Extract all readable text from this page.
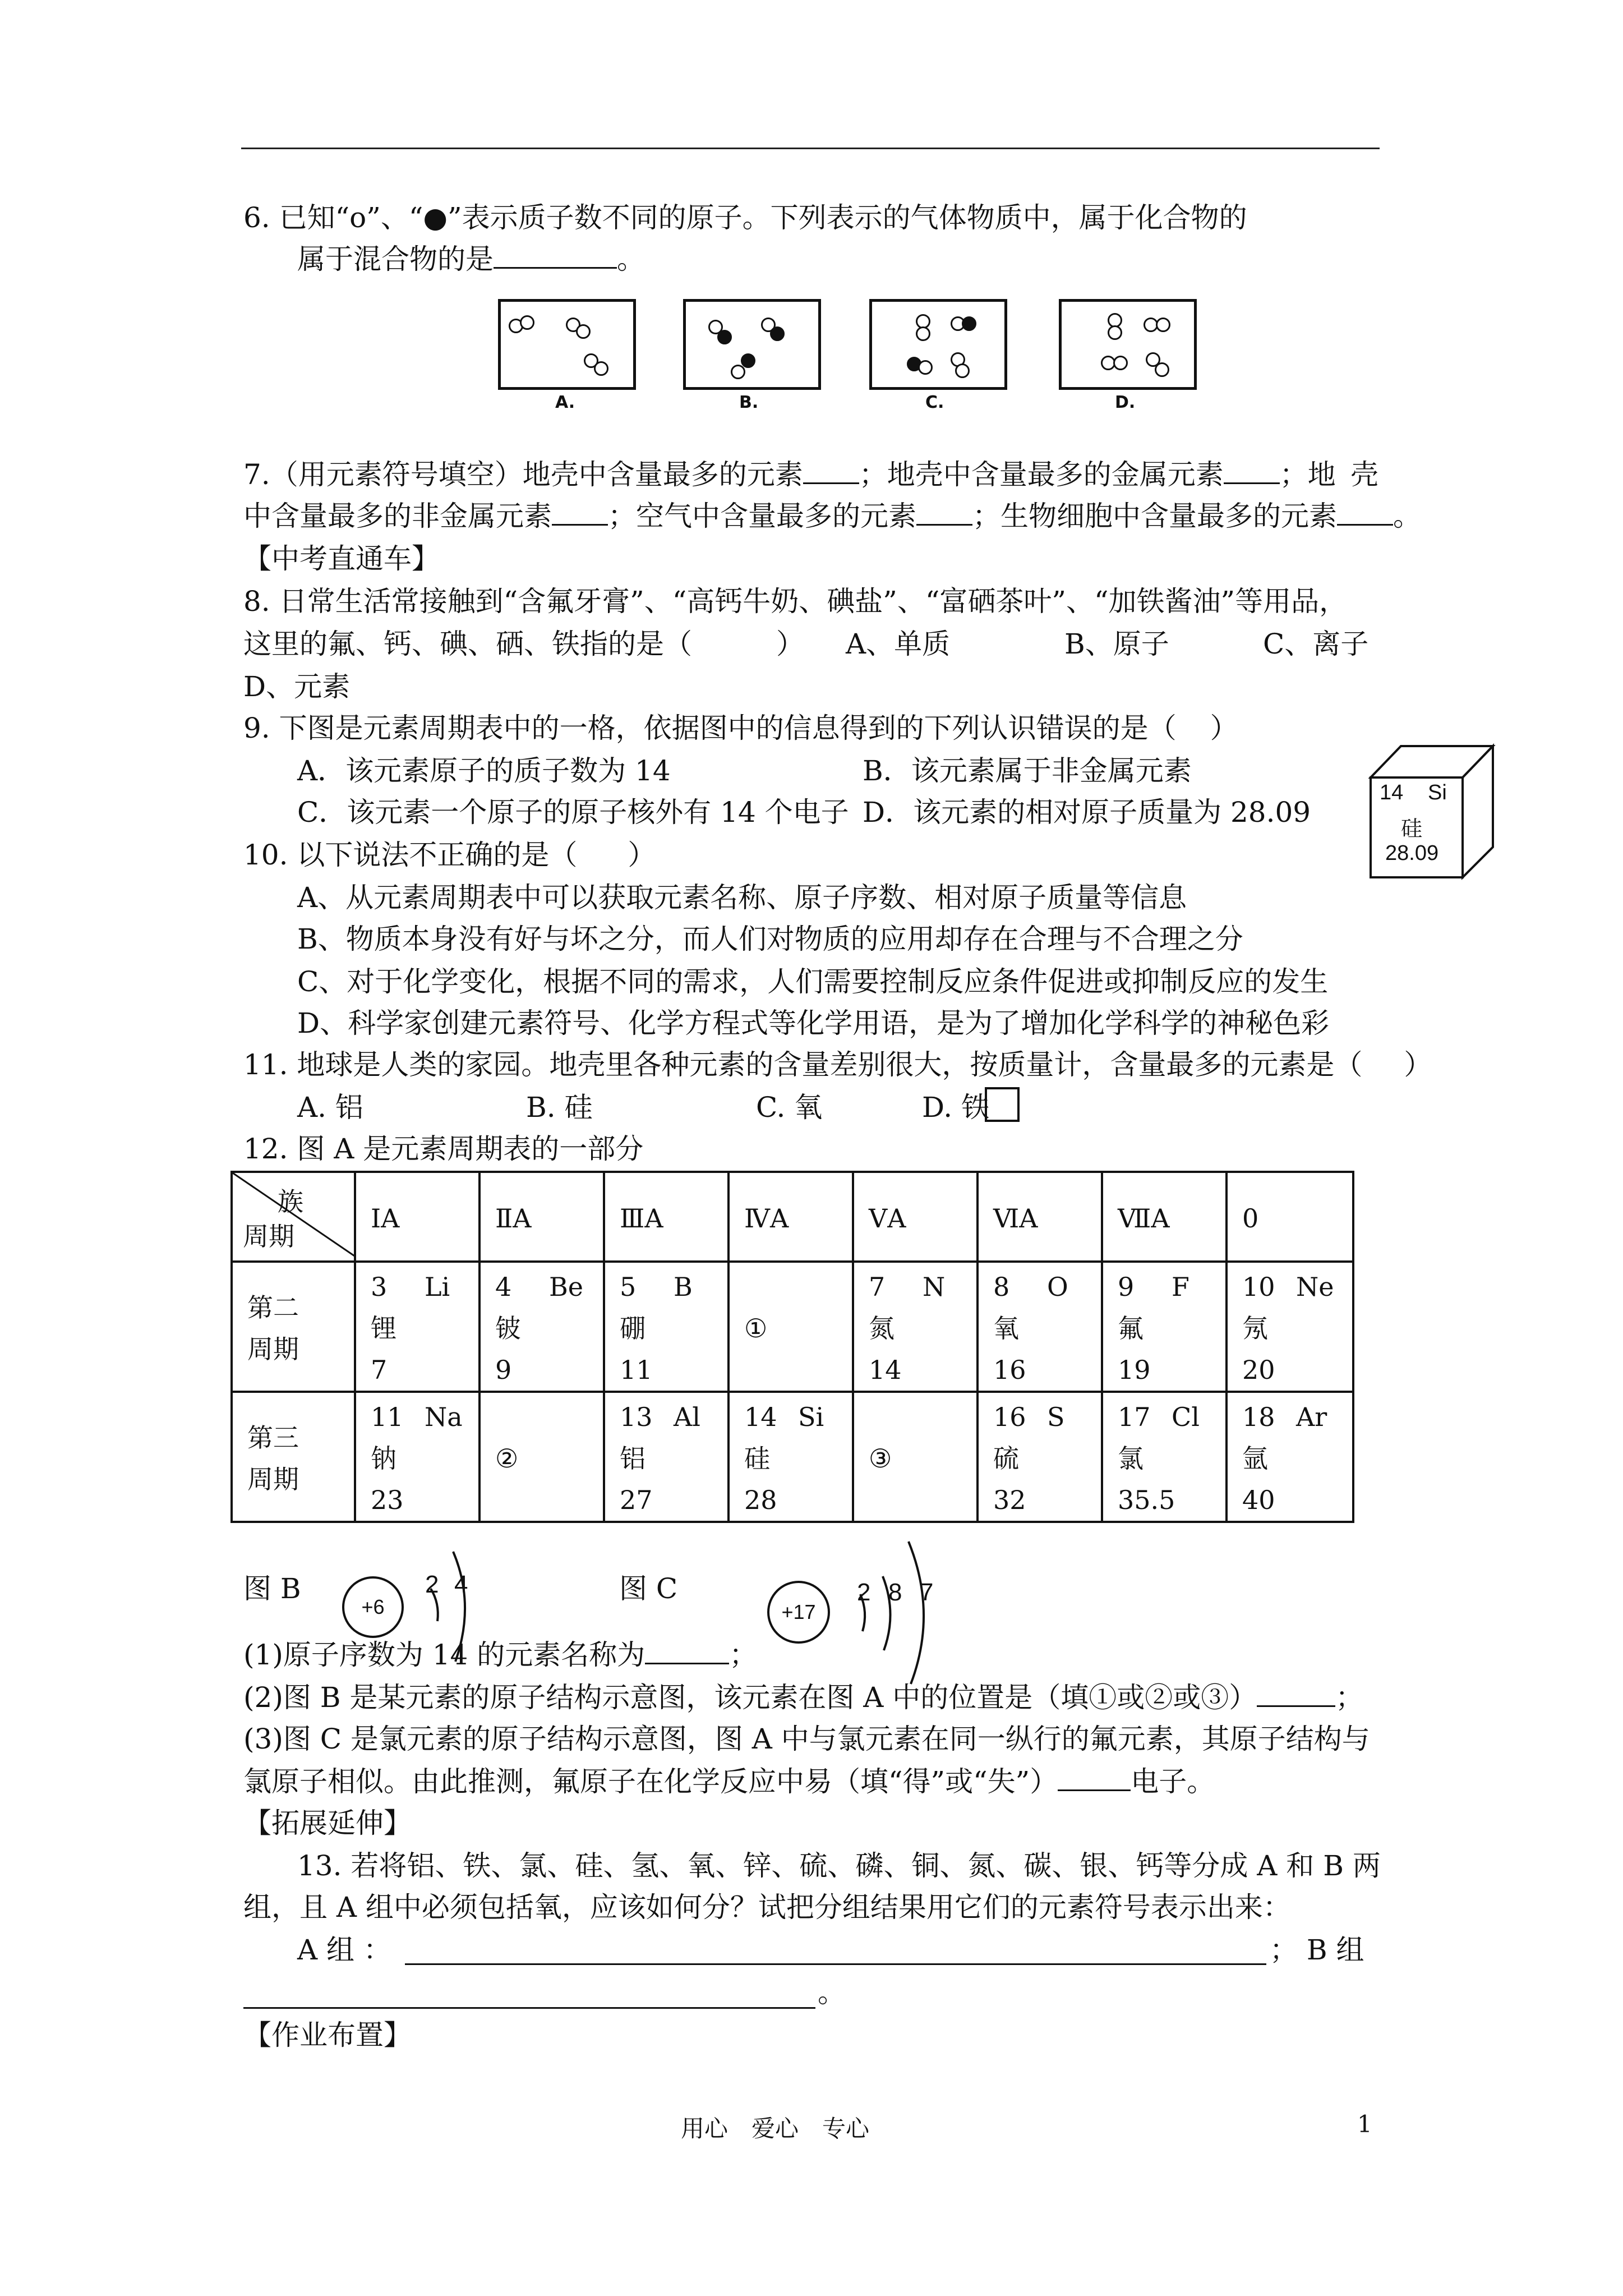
6. 已知“o”、“●”表示质子数不同的原子。下列表示的气体物质中，属于化合物的
属于混合物的是	。
A.	B.	C.	D.
7.（用元素符号填空）地壳中含量最多的元素 ；地壳中含量最多的金属元素 ；地 壳
中含量最多的非金属元素 ；空气中含量最多的元素 ；生物细胞中含量最多的元素 。
【中考直通车】
8. 日常生活常接触到“含氟牙膏”、“高钙牛奶、碘盐”、“富硒茶叶”、“加铁酱油”等用品，
这里的氟、钙、碘、硒、铁指的是（	） A、单质	B、原子	C、离子
D、元素
9. 下图是元素周期表中的一格，依据图中的信息得到的下列认识错误的是（ ）
A．该元素原子的质子数为 14	B．该元素属于非金属元素
C．该元素一个原子的原子核外有 14 个电子 D．该元素的相对原子质量为 28.09
14 Si
硅
28.09
10. 以下说法不正确的是（ ）
A、从元素周期表中可以获取元素名称、原子序数、相对原子质量等信息
B、物质本身没有好与坏之分，而人们对物质的应用却存在合理与不合理之分
C、对于化学变化，根据不同的需求，人们需要控制反应条件促进或抑制反应的发生
D、科学家创建元素符号、化学方程式等化学用语，是为了增加化学科学的神秘色彩
11. 地球是人类的家园。地壳里各种元素的含量差别很大，按质量计，含量最多的元素是（ ）
A. 铝	B. 硅	C. 氧	D. 铁
12. 图 A 是元素周期表的一部分
族
周期	ⅠA	ⅡA	ⅢA	ⅣA	ⅤA	ⅥA	ⅦA	0

第二
周期	3 Li
锂
7	4 Be
铍
9	5 B
硼
11	①	7 N
氮
14	8 O
氧
16	9 F
氟
19	10 Ne
氖
20

第三
周期	11 Na
钠
23	②	13 Al
铝
27	14 Si
硅
28	③	16 S
硫
32	17 Cl
氯
35.5	18 Ar
氩
40
图 B
+6
2 4	图 C
+17
2 8 7
(1)原子序数为 14 的元素名称为	；
(2)图 B 是某元素的原子结构示意图，该元素在图 A 中的位置是（填①或②或③）	；
(3)图 C 是氯元素的原子结构示意图，图 A 中与氯元素在同一纵行的氟元素，其原子结构与
氯原子相似。由此推测，氟原子在化学反应中易（填“得”或“失”）	电子。
【拓展延伸】
13. 若将铝、铁、氯、硅、氢、氧、锌、硫、磷、铜、氮、碳、银、钙等分成 A 和 B 两
组，且 A 组中必须包括氧，应该如何分？试把分组结果用它们的元素符号表示出来：
A 组 ：	； B 组
。
【作业布置】
用心　爱心　专心	1
